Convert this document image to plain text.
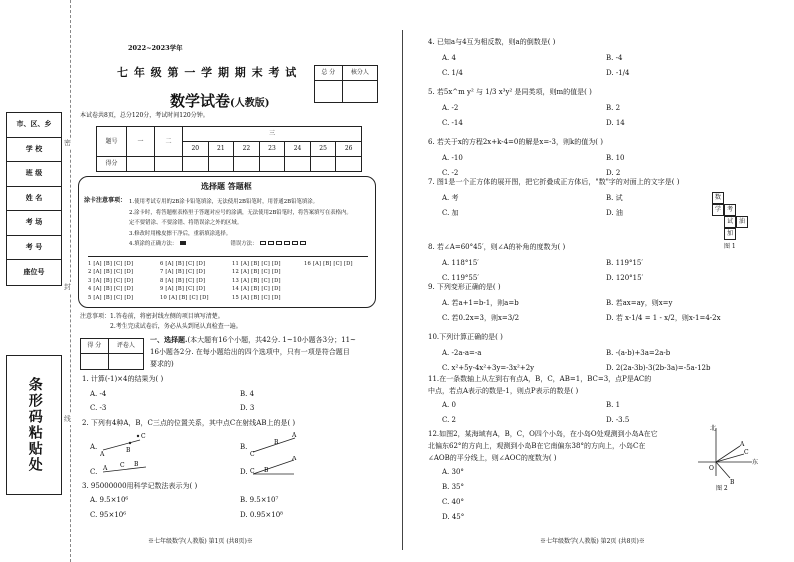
市、区、乡
学 校
班 级
姓 名
考 场
考 号
座位号
条形码粘贴处
密
封
线
2022~2023学年
七 年 级 第 一 学 期 期 末 考 试	总 分	核分人

数学试卷(人教版)
本试卷共8页，总分120分，考试时间120分钟。
题号	一	二	三						
			20	21	22	23	24	25	26
得分									
选择题 答题框
涂卡注意事项： 1.使用考试专用的2B涂卡铅笔填涂，无法使用2B铅笔时，用普通2B铅笔填涂。
2.涂卡时，将答题框表格里于答题对应号的涂满，无法使用2B铅笔时，将答案填写在表格内。
定不要错涂、不要涂错、将错误涂之外的区域。
3.修改时用橡皮擦干净后，重新填涂选择。
4.填涂的正确方法：	错误方法：
1 [A] [B] [C] [D]	6 [A] [B] [C] [D]	11 [A] [B] [C] [D]	16 [A] [B] [C] [D]
2 [A] [B] [C] [D]	7 [A] [B] [C] [D]	12 [A] [B] [C] [D]
3 [A] [B] [C] [D]	8 [A] [B] [C] [D]	13 [A] [B] [C] [D]
4 [A] [B] [C] [D]	9 [A] [B] [C] [D]	14 [A] [B] [C] [D]
5 [A] [B] [C] [D]	10 [A] [B] [C] [D]	15 [A] [B] [C] [D]
注意事项：1.答卷前，将密封线左侧的项目填写清楚。
2.考生完成试卷后，务必从头到尾认真检查一遍。
得 分	评卷人

一、选择题.(本大题有16个小题，共42分. 1~10小题各3分；11~
16小题各2分. 在每小题给出的四个选项中，只有一项是符合题目
要求的)
1. 计算(-1)×4的结果为( )
A. -4	B. 4
C. -3	D. 3
2. 下列有4种A，B，C三点的位置关系，其中点C在射线AB上的是( )
A.	B.
C.	D.
A
B
C
C
B
A
A C B
C B
A
3. 95000000用科学记数法表示为( )
A. 9.5×10⁶	B. 9.5×10⁷
C. 95×10⁶	D. 0.95×10⁸
※七年级数学(人教版) 第1页 (共8页)※
4. 已知a与4互为相反数，则a的倒数是( )
A. 4	B. -4
C. 1/4	D. -1/4
5. 若5x^m y² 与 1/3 x³y² 是同类项，则m的值是( )
A. -2	B. 2
C. -14	D. 14
6. 若关于x的方程2x+k-4=0的解是x=-3，则k的值为( )
A. -10	B. 10
C. -2	D. 2
7. 图1是一个正方体的展开图，把它折叠成正方体后，"数"字的对面上的文字是( )
A. 考	B. 试
C. 加	D. 油
8. 若∠A=60°45′，则∠A的补角的度数为( )
A. 118°15′	B. 119°15′
C. 119°55′	D. 120°15′
9. 下列变形正确的是( )
A. 若a+1=b-1，则a=b	B. 若ax=ay，则x=y
C. 若0.2x=3，则x=3/2	D. 若 x-1/4 = 1 - x/2，则x-1=4-2x
10.下列计算正确的是( )
A. -2a-a=-a	B. -(a-b)+3a=2a-b
C. x²+5y-4x²+3y=-3x²+2y	D. 2(2a-3b)-3(2b-3a)=-5a-12b
11.在一条数轴上从左到右有点A，B，C，AB=1，BC=3，点P是AC的中点，若点A表示的数是-1，则点P表示的数是( )
A. 0	B. 1
C. 2	D. -3.5
12.如图2，某海域有A，B，C，O四个小岛，在小岛O处观测到小岛A在它北偏东62°的方向上，观测到小岛B在它南偏东38°的方向上，小岛C在∠AOB的平分线上，则∠AOC的度数为( )
A. 30°
B. 35°
C. 40°
D. 45°
※七年级数学(人教版) 第2页 (共8页)※
数
学 考
试 油
加
图 1
北
东
A
C
B
O
图 2
